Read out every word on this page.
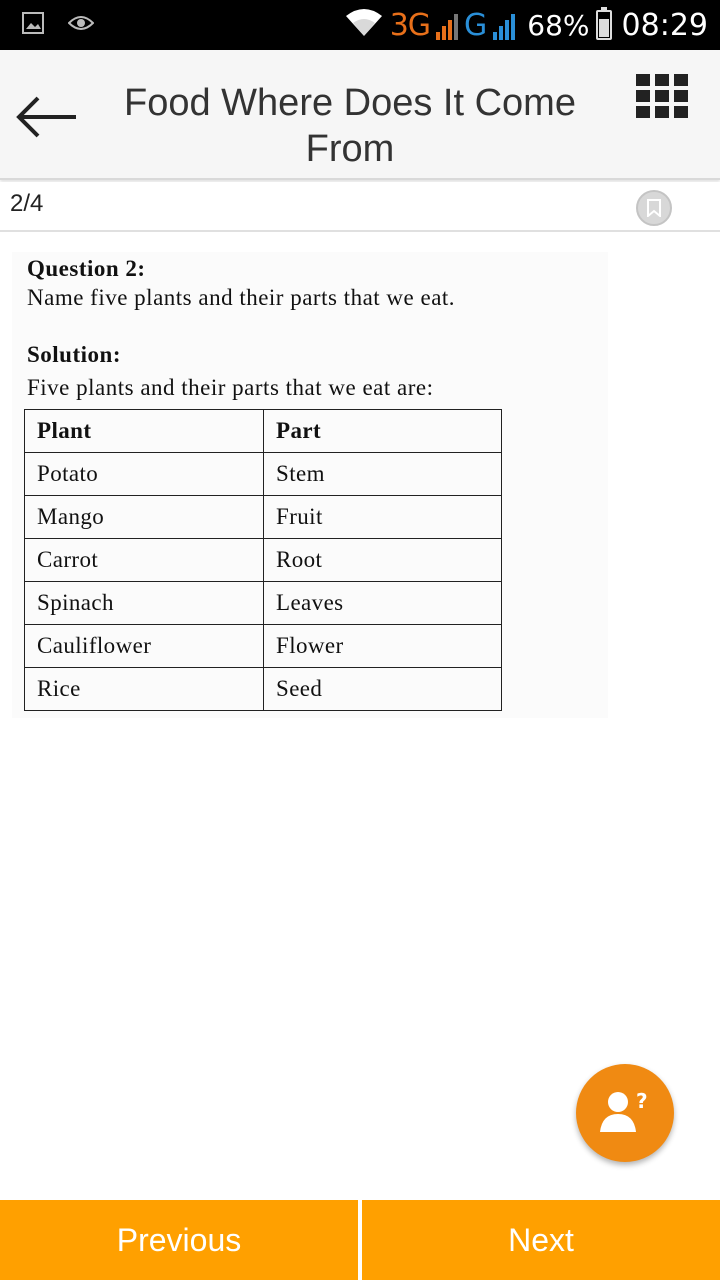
3G G 68% 08:29
Food Where Does It Come From
2/4
Question 2:
Name five plants and their parts that we eat.
Solution:
Five plants and their parts that we eat are:
Plant	Part
Potato	Stem
Mango	Fruit
Carrot	Root
Spinach	Leaves
Cauliflower	Flower
Rice	Seed
?
Previous	Next
